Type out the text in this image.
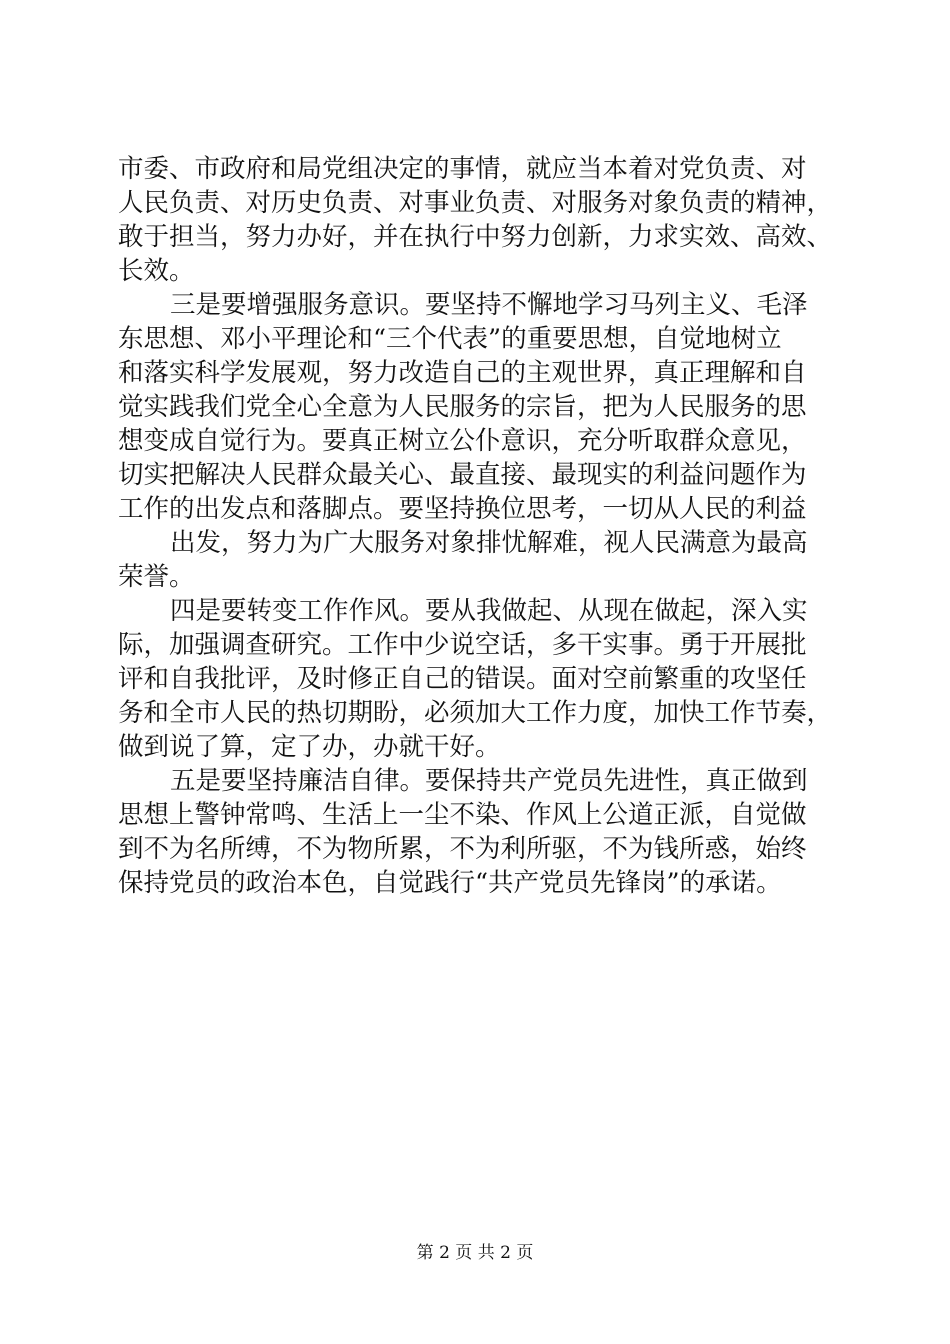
市委、市政府和局党组决定的事情，就应当本着对党负责、对
人民负责、对历史负责、对事业负责、对服务对象负责的精神，
敢于担当，努力办好，并在执行中努力创新，力求实效、高效、
长效。
三是要增强服务意识。要坚持不懈地学习马列主义、毛泽
东思想、邓小平理论和“三个代表”的重要思想，自觉地树立
和落实科学发展观，努力改造自己的主观世界，真正理解和自
觉实践我们党全心全意为人民服务的宗旨，把为人民服务的思
想变成自觉行为。要真正树立公仆意识，充分听取群众意见，
切实把解决人民群众最关心、最直接、最现实的利益问题作为
工作的出发点和落脚点。要坚持换位思考，一切从人民的利益
出发，努力为广大服务对象排忧解难，视人民满意为最高
荣誉。
四是要转变工作作风。要从我做起、从现在做起，深入实
际，加强调查研究。工作中少说空话，多干实事。勇于开展批
评和自我批评，及时修正自己的错误。面对空前繁重的攻坚任
务和全市人民的热切期盼，必须加大工作力度，加快工作节奏，
做到说了算，定了办，办就干好。
五是要坚持廉洁自律。要保持共产党员先进性，真正做到
思想上警钟常鸣、生活上一尘不染、作风上公道正派，自觉做
到不为名所缚，不为物所累，不为利所驱，不为钱所惑，始终
保持党员的政治本色，自觉践行“共产党员先锋岗”的承诺。
第 2 页 共 2 页
